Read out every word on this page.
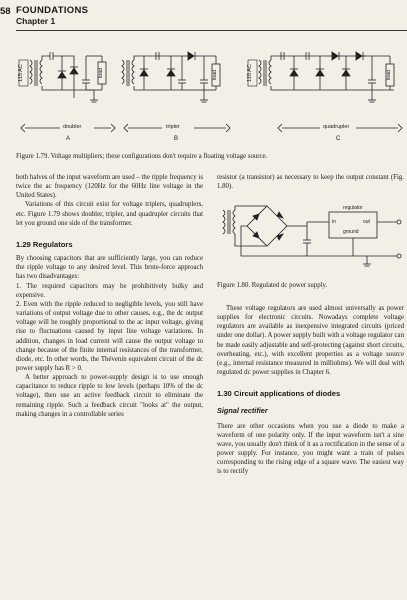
58 FOUNDATIONS
Chapter 1
115 AC	115 AC
load	load	load
doubler	tripler	quadrupler
A	B	C
Figure 1.79. Voltage multipliers; these configurations don't require a floating voltage source.

both halves of the input waveform are used – the ripple frequency is twice the ac frequency (120Hz for the 60Hz line voltage in the United States).

Variations of this circuit exist for voltage triplers, quadruplers, etc. Figure 1.79 shows doubler, tripler, and quadrupler circuits that let you ground one side of the transformer.

1.29 Regulators

By choosing capacitors that are sufficiently large, you can reduce the ripple voltage to any desired level. This brute-force approach has two disadvantages:

1. The required capacitors may be prohibitively bulky and expensive.

2. Even with the ripple reduced to negligible levels, you still have variations of output voltage due to other causes, e.g., the dc output voltage will be roughly proportional to the ac input voltage, giving rise to fluctuations caused by input line voltage variations. In addition, changes in load current will cause the output voltage to change because of the finite internal resistances of the transformer, diode, etc. In other words, the Thévenin equivalent circuit of the dc power supply has R > 0.

A better approach to power-supply design is to use enough capacitance to reduce ripple to low levels (perhaps 10% of the dc voltage), then use an active feedback circuit to eliminate the remaining ripple. Such a feedback circuit "looks at" the output, making changes in a controllable series

resistor (a transistor) as necessary to keep the output constant (Fig. 1.80).

regulator
in	out
ground
Figure 1.80. Regulated dc power supply.

These voltage regulators are used almost universally as power supplies for electronic circuits. Nowadays complete voltage regulators are available as inexpensive integrated circuits (priced under one dollar). A power supply built with a voltage regulator can be made easily adjustable and self-protecting (against short circuits, overheating, etc.), with excellent properties as a voltage source (e.g., internal resistance measured in milliohms). We will deal with regulated dc power supplies in Chapter 6.

1.30 Circuit applications of diodes
Signal rectifier

There are other occasions when you use a diode to make a waveform of one polarity only. If the input waveform isn't a sine wave, you usually don't think of it as a rectification in the sense of a power supply. For instance, you might want a train of pulses corresponding to the rising edge of a square wave. The easiest way is to rectify
